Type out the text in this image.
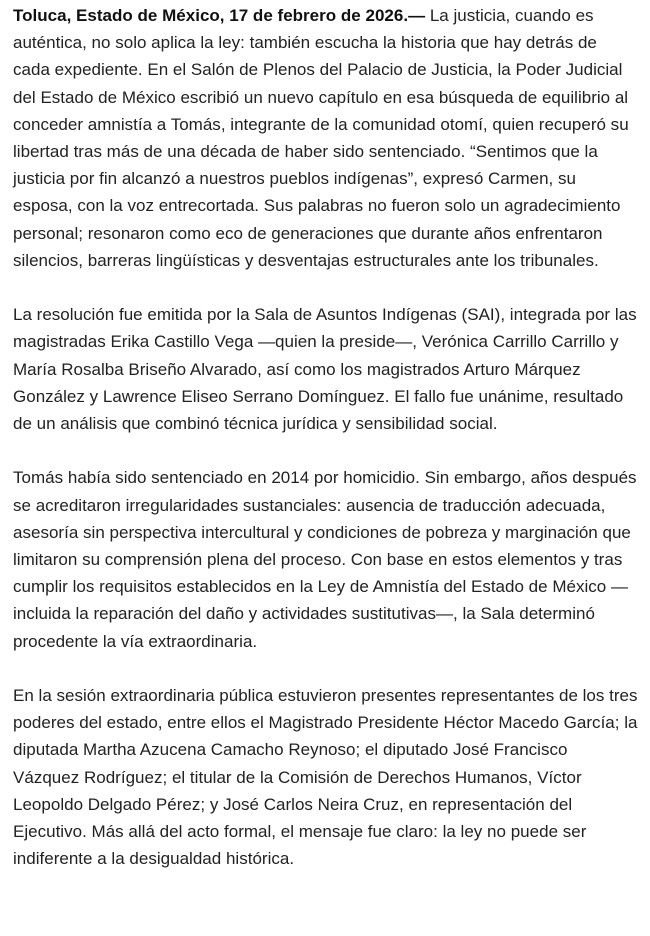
Toluca, Estado de México, 17 de febrero de 2026.— La justicia, cuando es auténtica, no solo aplica la ley: también escucha la historia que hay detrás de cada expediente. En el Salón de Plenos del Palacio de Justicia, la Poder Judicial del Estado de México escribió un nuevo capítulo en esa búsqueda de equilibrio al conceder amnistía a Tomás, integrante de la comunidad otomí, quien recuperó su libertad tras más de una década de haber sido sentenciado. “Sentimos que la justicia por fin alcanzó a nuestros pueblos indígenas”, expresó Carmen, su esposa, con la voz entrecortada. Sus palabras no fueron solo un agradecimiento personal; resonaron como eco de generaciones que durante años enfrentaron silencios, barreras lingüísticas y desventajas estructurales ante los tribunales.

La resolución fue emitida por la Sala de Asuntos Indígenas (SAI), integrada por las magistradas Erika Castillo Vega —quien la preside—, Verónica Carrillo Carrillo y María Rosalba Briseño Alvarado, así como los magistrados Arturo Márquez González y Lawrence Eliseo Serrano Domínguez. El fallo fue unánime, resultado de un análisis que combinó técnica jurídica y sensibilidad social.

Tomás había sido sentenciado en 2014 por homicidio. Sin embargo, años después se acreditaron irregularidades sustanciales: ausencia de traducción adecuada, asesoría sin perspectiva intercultural y condiciones de pobreza y marginación que limitaron su comprensión plena del proceso. Con base en estos elementos y tras cumplir los requisitos establecidos en la Ley de Amnistía del Estado de México —incluida la reparación del daño y actividades sustitutivas—, la Sala determinó procedente la vía extraordinaria.

En la sesión extraordinaria pública estuvieron presentes representantes de los tres poderes del estado, entre ellos el Magistrado Presidente Héctor Macedo García; la diputada Martha Azucena Camacho Reynoso; el diputado José Francisco Vázquez Rodríguez; el titular de la Comisión de Derechos Humanos, Víctor Leopoldo Delgado Pérez; y José Carlos Neira Cruz, en representación del Ejecutivo. Más allá del acto formal, el mensaje fue claro: la ley no puede ser indiferente a la desigualdad histórica.
